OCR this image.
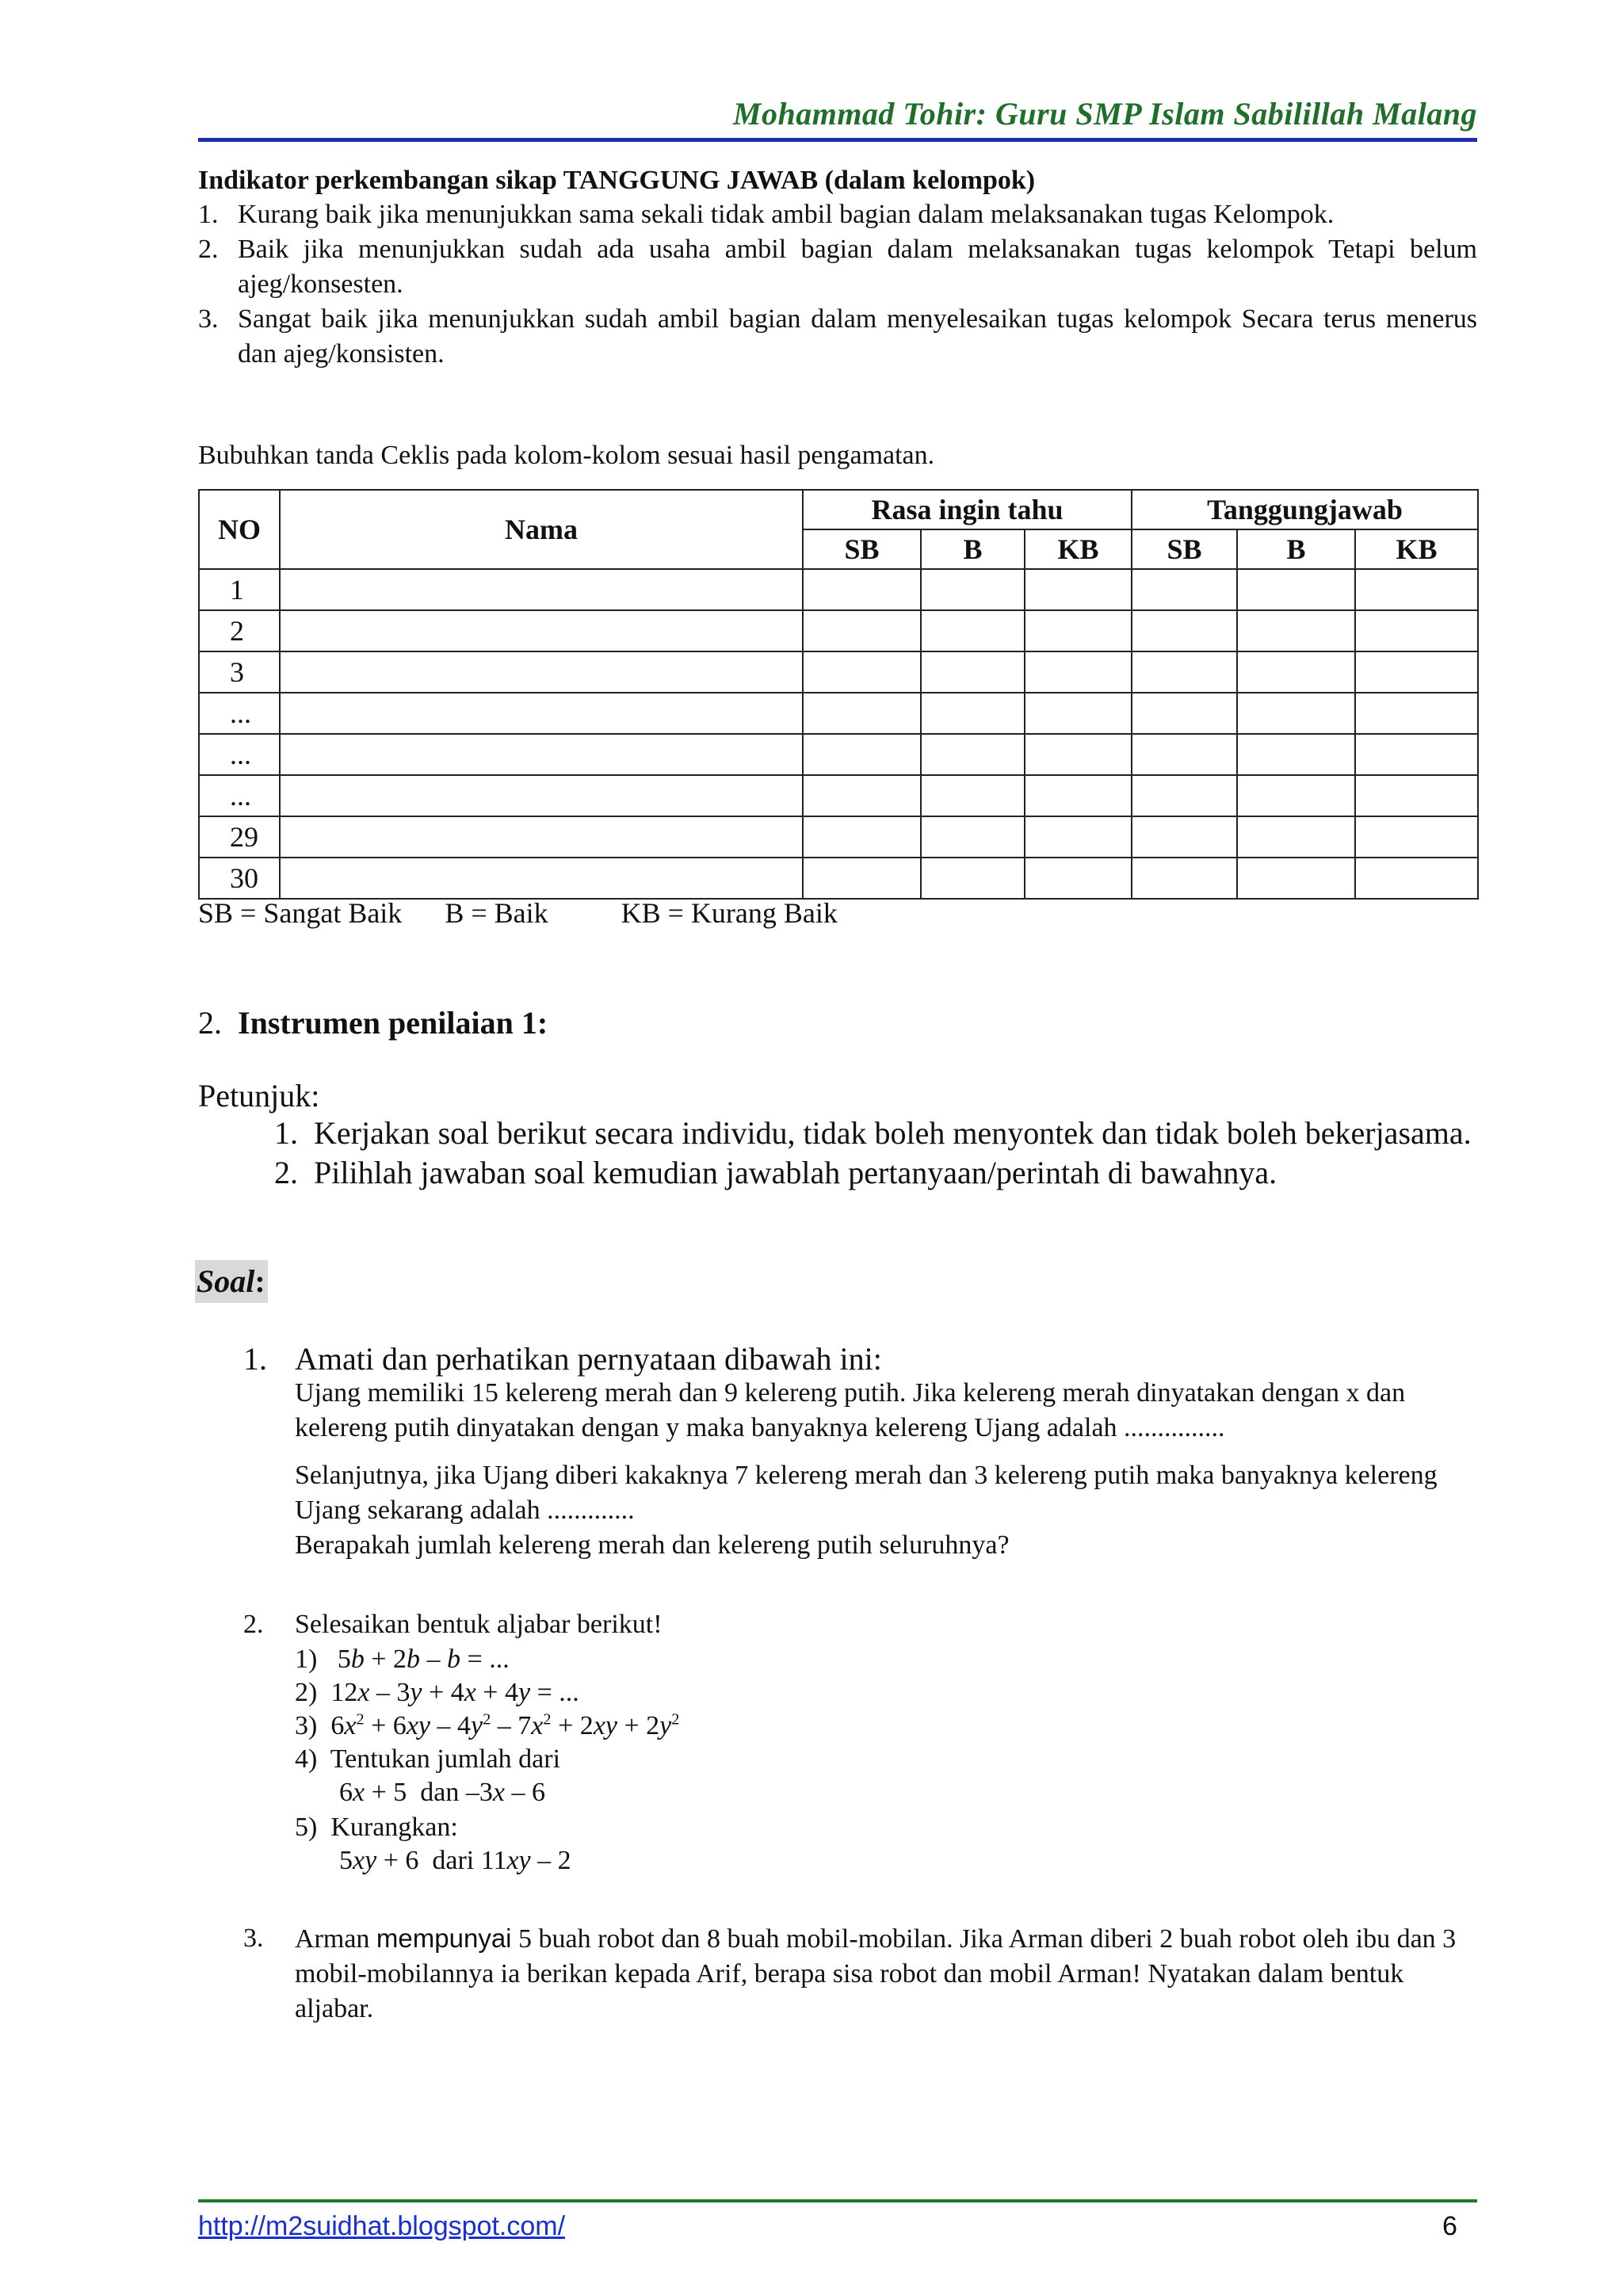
Mohammad Tohir: Guru SMP Islam Sabilillah Malang
Indikator perkembangan sikap TANGGUNG JAWAB (dalam kelompok)
1. Kurang baik jika menunjukkan sama sekali tidak ambil bagian dalam melaksanakan tugas Kelompok.
2. Baik jika menunjukkan sudah ada usaha ambil bagian dalam melaksanakan tugas kelompok Tetapi belum ajeg/konsesten.
3. Sangat baik jika menunjukkan sudah ambil bagian dalam menyelesaikan tugas kelompok Secara terus menerus dan ajeg/konsisten.
Bubuhkan tanda Ceklis pada kolom-kolom sesuai hasil pengamatan.
NO	Nama	Rasa ingin tahu			Tanggungjawab		
		SB	B	KB	SB	B	KB
1							
2							
3							
...							
...							
...							
29							
30							
SB = Sangat Baik B = Baik	KB = Kurang Baik
2. Instrumen penilaian 1:
Petunjuk:
1. Kerjakan soal berikut secara individu, tidak boleh menyontek dan tidak boleh bekerjasama.
2. Pilihlah jawaban soal kemudian jawablah pertanyaan/perintah di bawahnya.
Soal:
1. Amati dan perhatikan pernyataan dibawah ini:
Ujang memiliki 15 kelereng merah dan 9 kelereng putih. Jika kelereng merah dinyatakan dengan x dan kelereng putih dinyatakan dengan y maka banyaknya kelereng Ujang adalah ...............
Selanjutnya, jika Ujang diberi kakaknya 7 kelereng merah dan 3 kelereng putih maka banyaknya kelereng Ujang sekarang adalah .............
Berapakah jumlah kelereng merah dan kelereng putih seluruhnya?
2. Selesaikan bentuk aljabar berikut!
1)   5b + 2b – b = ...
2)  12x – 3y + 4x + 4y = ...
3)  $6x^2 + 6xy - 4y^2 - 7x^2 + 2xy + 2y^2$
4) Tentukan jumlah dari
6x + 5  dan –3x – 6
5) Kurangkan:
5xy + 6  dari 11xy – 2
3. Arman mempunyai 5 buah robot dan 8 buah mobil-mobilan. Jika Arman diberi 2 buah robot oleh ibu dan 3 mobil-mobilannya ia berikan kepada Arif, berapa sisa robot dan mobil Arman! Nyatakan dalam bentuk aljabar.
http://m2suidhat.blogspot.com/	6
